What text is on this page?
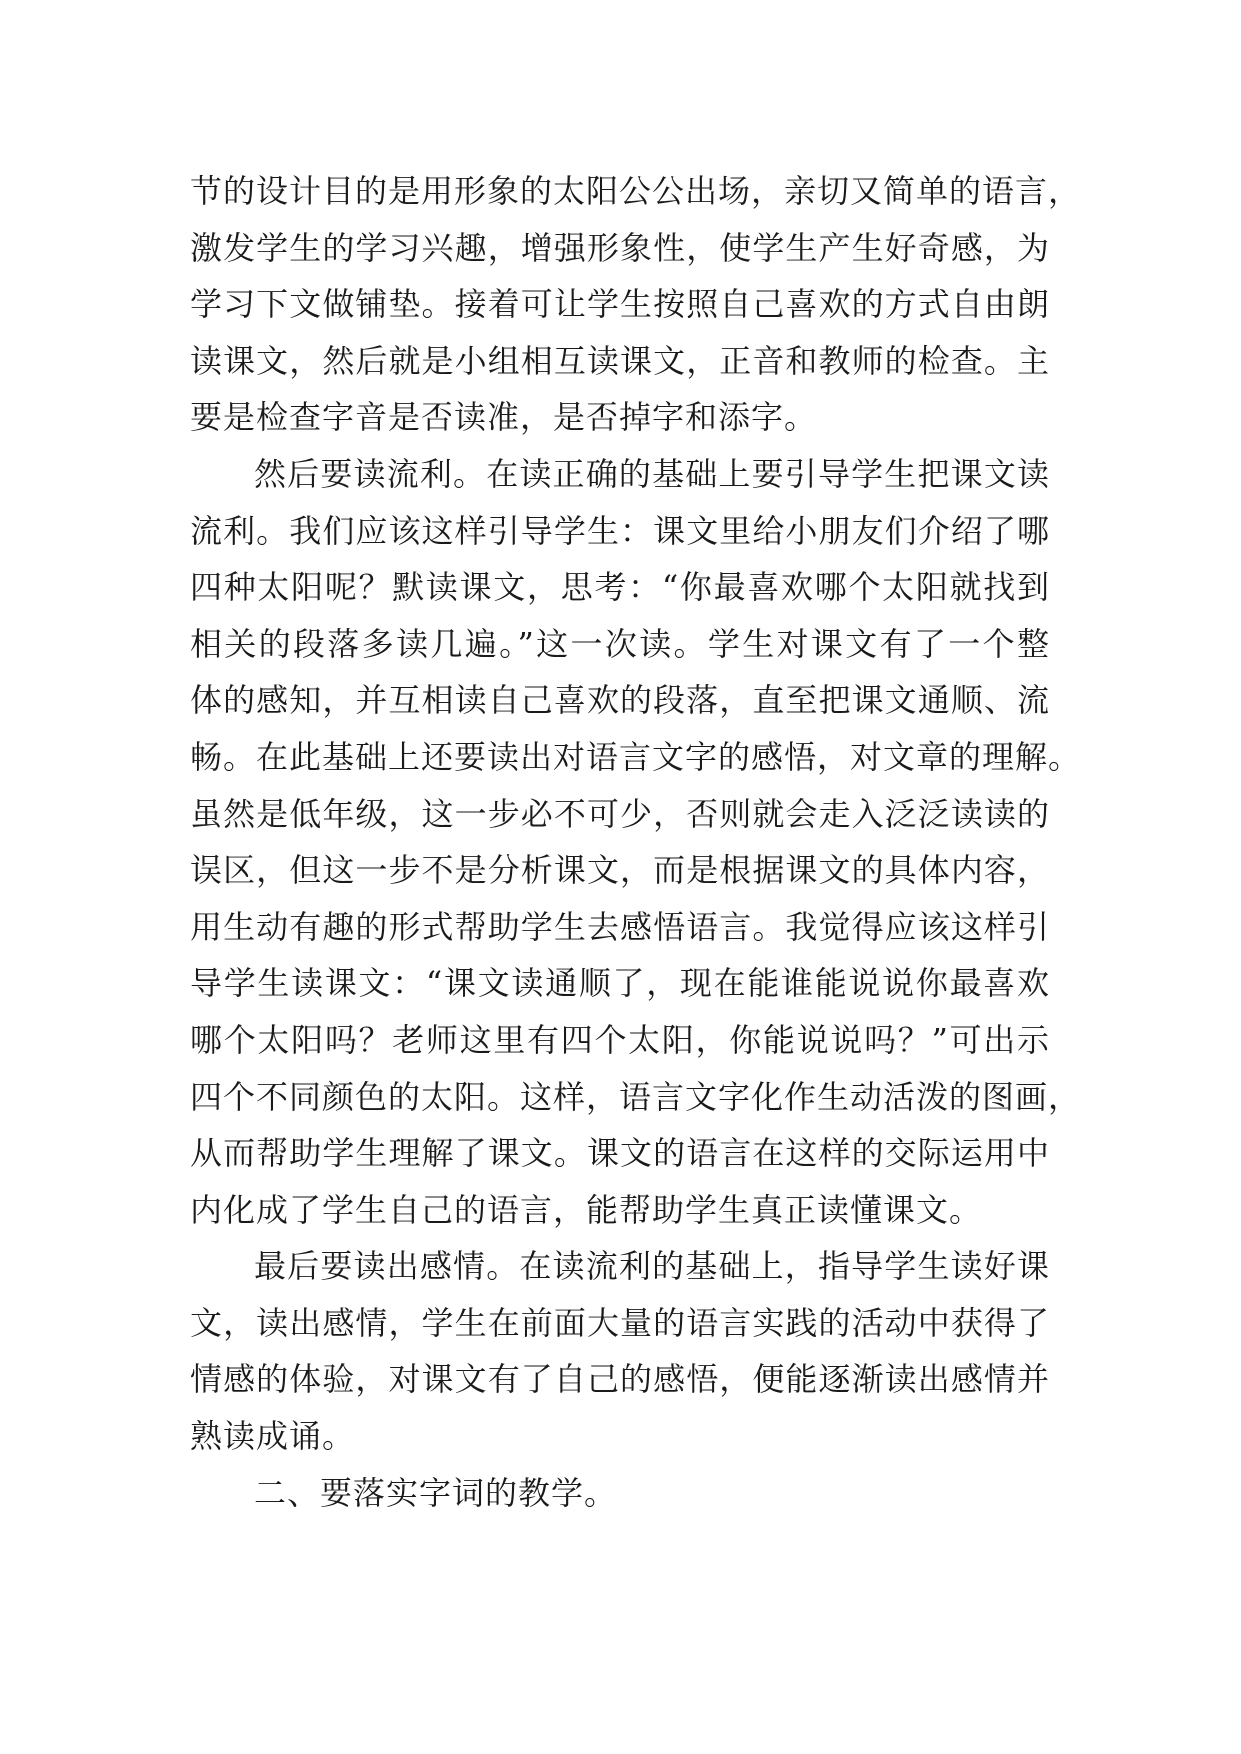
节的设计目的是用形象的太阳公公出场，亲切又简单的语言，
激发学生的学习兴趣，增强形象性，使学生产生好奇感，为
学习下文做铺垫。接着可让学生按照自己喜欢的方式自由朗
读课文，然后就是小组相互读课文，正音和教师的检查。主
要是检查字音是否读准，是否掉字和添字。
然后要读流利。在读正确的基础上要引导学生把课文读
流利。我们应该这样引导学生：课文里给小朋友们介绍了哪
四种太阳呢？默读课文，思考：“你最喜欢哪个太阳就找到
相关的段落多读几遍。”这一次读。学生对课文有了一个整
体的感知，并互相读自己喜欢的段落，直至把课文通顺、流
畅。在此基础上还要读出对语言文字的感悟，对文章的理解。
虽然是低年级，这一步必不可少，否则就会走入泛泛读读的
误区，但这一步不是分析课文，而是根据课文的具体内容，
用生动有趣的形式帮助学生去感悟语言。我觉得应该这样引
导学生读课文：“课文读通顺了，现在能谁能说说你最喜欢
哪个太阳吗？老师这里有四个太阳，你能说说吗？”可出示
四个不同颜色的太阳。这样，语言文字化作生动活泼的图画，
从而帮助学生理解了课文。课文的语言在这样的交际运用中
内化成了学生自己的语言，能帮助学生真正读懂课文。
最后要读出感情。在读流利的基础上，指导学生读好课
文，读出感情，学生在前面大量的语言实践的活动中获得了
情感的体验，对课文有了自己的感悟，便能逐渐读出感情并
熟读成诵。
二、要落实字词的教学。
